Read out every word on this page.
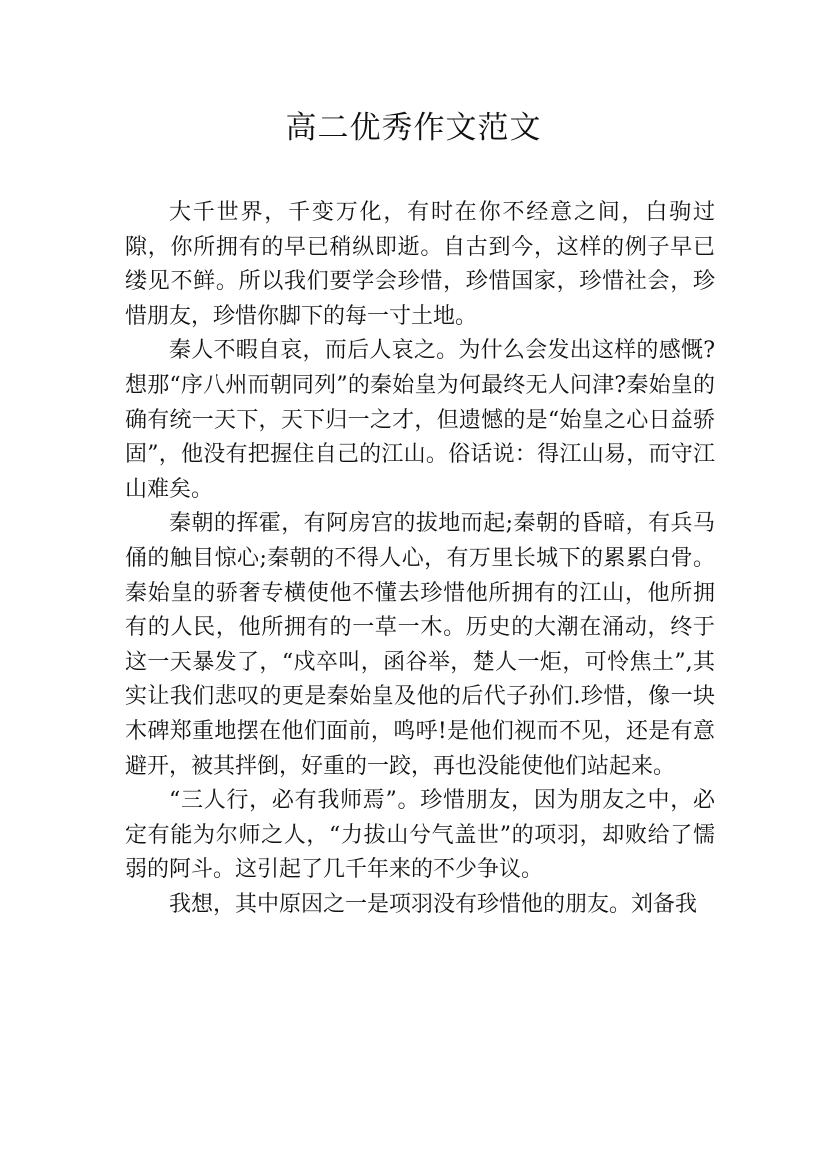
高二优秀作文范文

大千世界，千变万化，有时在你不经意之间，白驹过隙，你所拥有的早已稍纵即逝。自古到今，这样的例子早已缕见不鲜。所以我们要学会珍惜，珍惜国家，珍惜社会，珍惜朋友，珍惜你脚下的每一寸土地。

秦人不暇自哀，而后人哀之。为什么会发出这样的感慨?想那“序八州而朝同列”的秦始皇为何最终无人问津?秦始皇的确有统一天下，天下归一之才，但遗憾的是“始皇之心日益骄固”，他没有把握住自己的江山。俗话说：得江山易，而守江山难矣。

秦朝的挥霍，有阿房宫的拔地而起;秦朝的昏暗，有兵马俑的触目惊心;秦朝的不得人心，有万里长城下的累累白骨。秦始皇的骄奢专横使他不懂去珍惜他所拥有的江山，他所拥有的人民，他所拥有的一草一木。历史的大潮在涌动，终于这一天暴发了，“戍卒叫，函谷举，楚人一炬，可怜焦土”,其实让我们悲叹的更是秦始皇及他的后代子孙们.珍惜，像一块木碑郑重地摆在他们面前，鸣呼!是他们视而不见，还是有意避开，被其拌倒，好重的一跤，再也没能使他们站起来。

“三人行，必有我师焉”。珍惜朋友，因为朋友之中，必定有能为尔师之人，“力拔山兮气盖世”的项羽，却败给了懦弱的阿斗。这引起了几千年来的不少争议。

我想，其中原因之一是项羽没有珍惜他的朋友。刘备我
